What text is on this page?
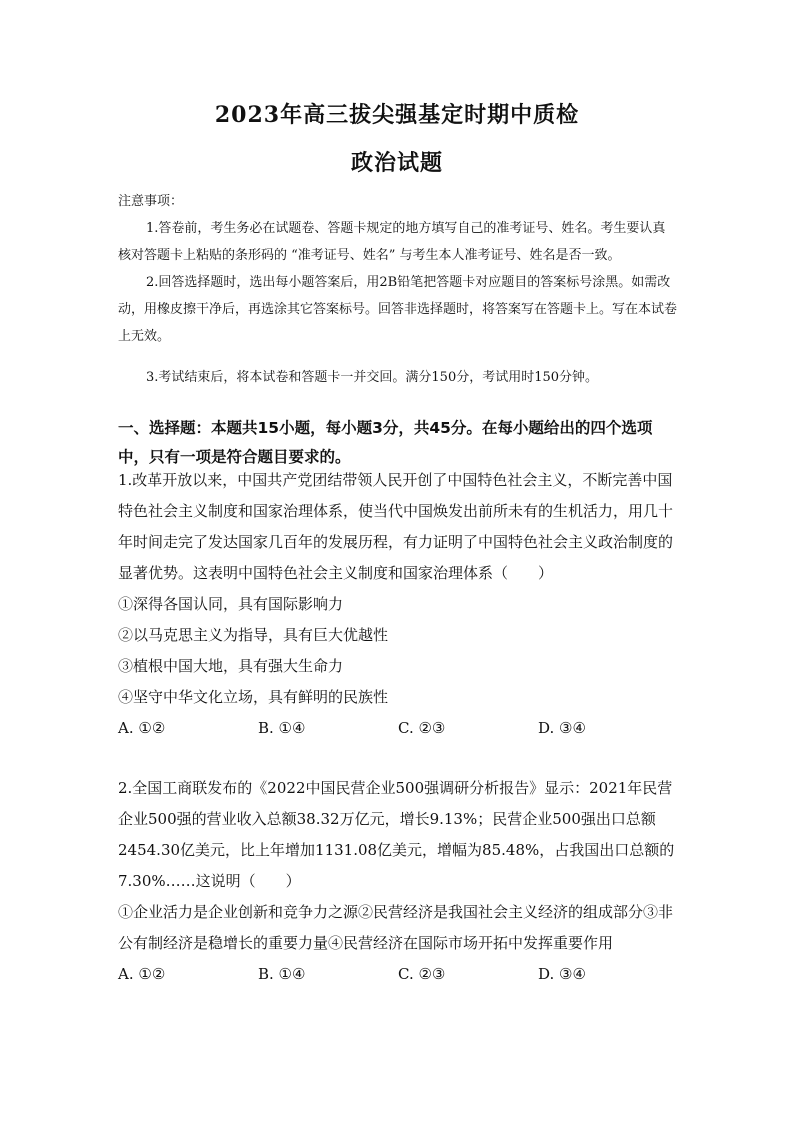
2023年高三拔尖强基定时期中质检
政治试题

注意事项：

1.答卷前，考生务必在试题卷、答题卡规定的地方填写自己的准考证号、姓名。考生要认真核对答题卡上粘贴的条形码的 “准考证号、姓名” 与考生本人准考证号、姓名是否一致。

2.回答选择题时，选出每小题答案后，用2B铅笔把答题卡对应题目的答案标号涂黑。如需改动，用橡皮擦干净后，再选涂其它答案标号。回答非选择题时，将答案写在答题卡上。写在本试卷上无效。

3.考试结束后，将本试卷和答题卡一并交回。满分150分，考试用时150分钟。

一、选择题：本题共15小题，每小题3分，共45分。在每小题给出的四个选项中，只有一项是符合题目要求的。

1.改革开放以来，中国共产党团结带领人民开创了中国特色社会主义，不断完善中国特色社会主义制度和国家治理体系，使当代中国焕发出前所未有的生机活力，用几十年时间走完了发达国家几百年的发展历程，有力证明了中国特色社会主义政治制度的显著优势。这表明中国特色社会主义制度和国家治理体系（　　）

①深得各国认同，具有国际影响力

②以马克思主义为指导，具有巨大优越性

③植根中国大地，具有强大生命力

④坚守中华文化立场，具有鲜明的民族性

A. ①②	B. ①④	C. ②③	D. ③④

2.全国工商联发布的《2022中国民营企业500强调研分析报告》显示：2021年民营企业500强的营业收入总额38.32万亿元，增长9.13%；民营企业500强出口总额2454.30亿美元，比上年增加1131.08亿美元，增幅为85.48%，占我国出口总额的7.30%……这说明（　　）

①企业活力是企业创新和竞争力之源②民营经济是我国社会主义经济的组成部分③非公有制经济是稳增长的重要力量④民营经济在国际市场开拓中发挥重要作用

A. ①②	B. ①④	C. ②③	D. ③④
